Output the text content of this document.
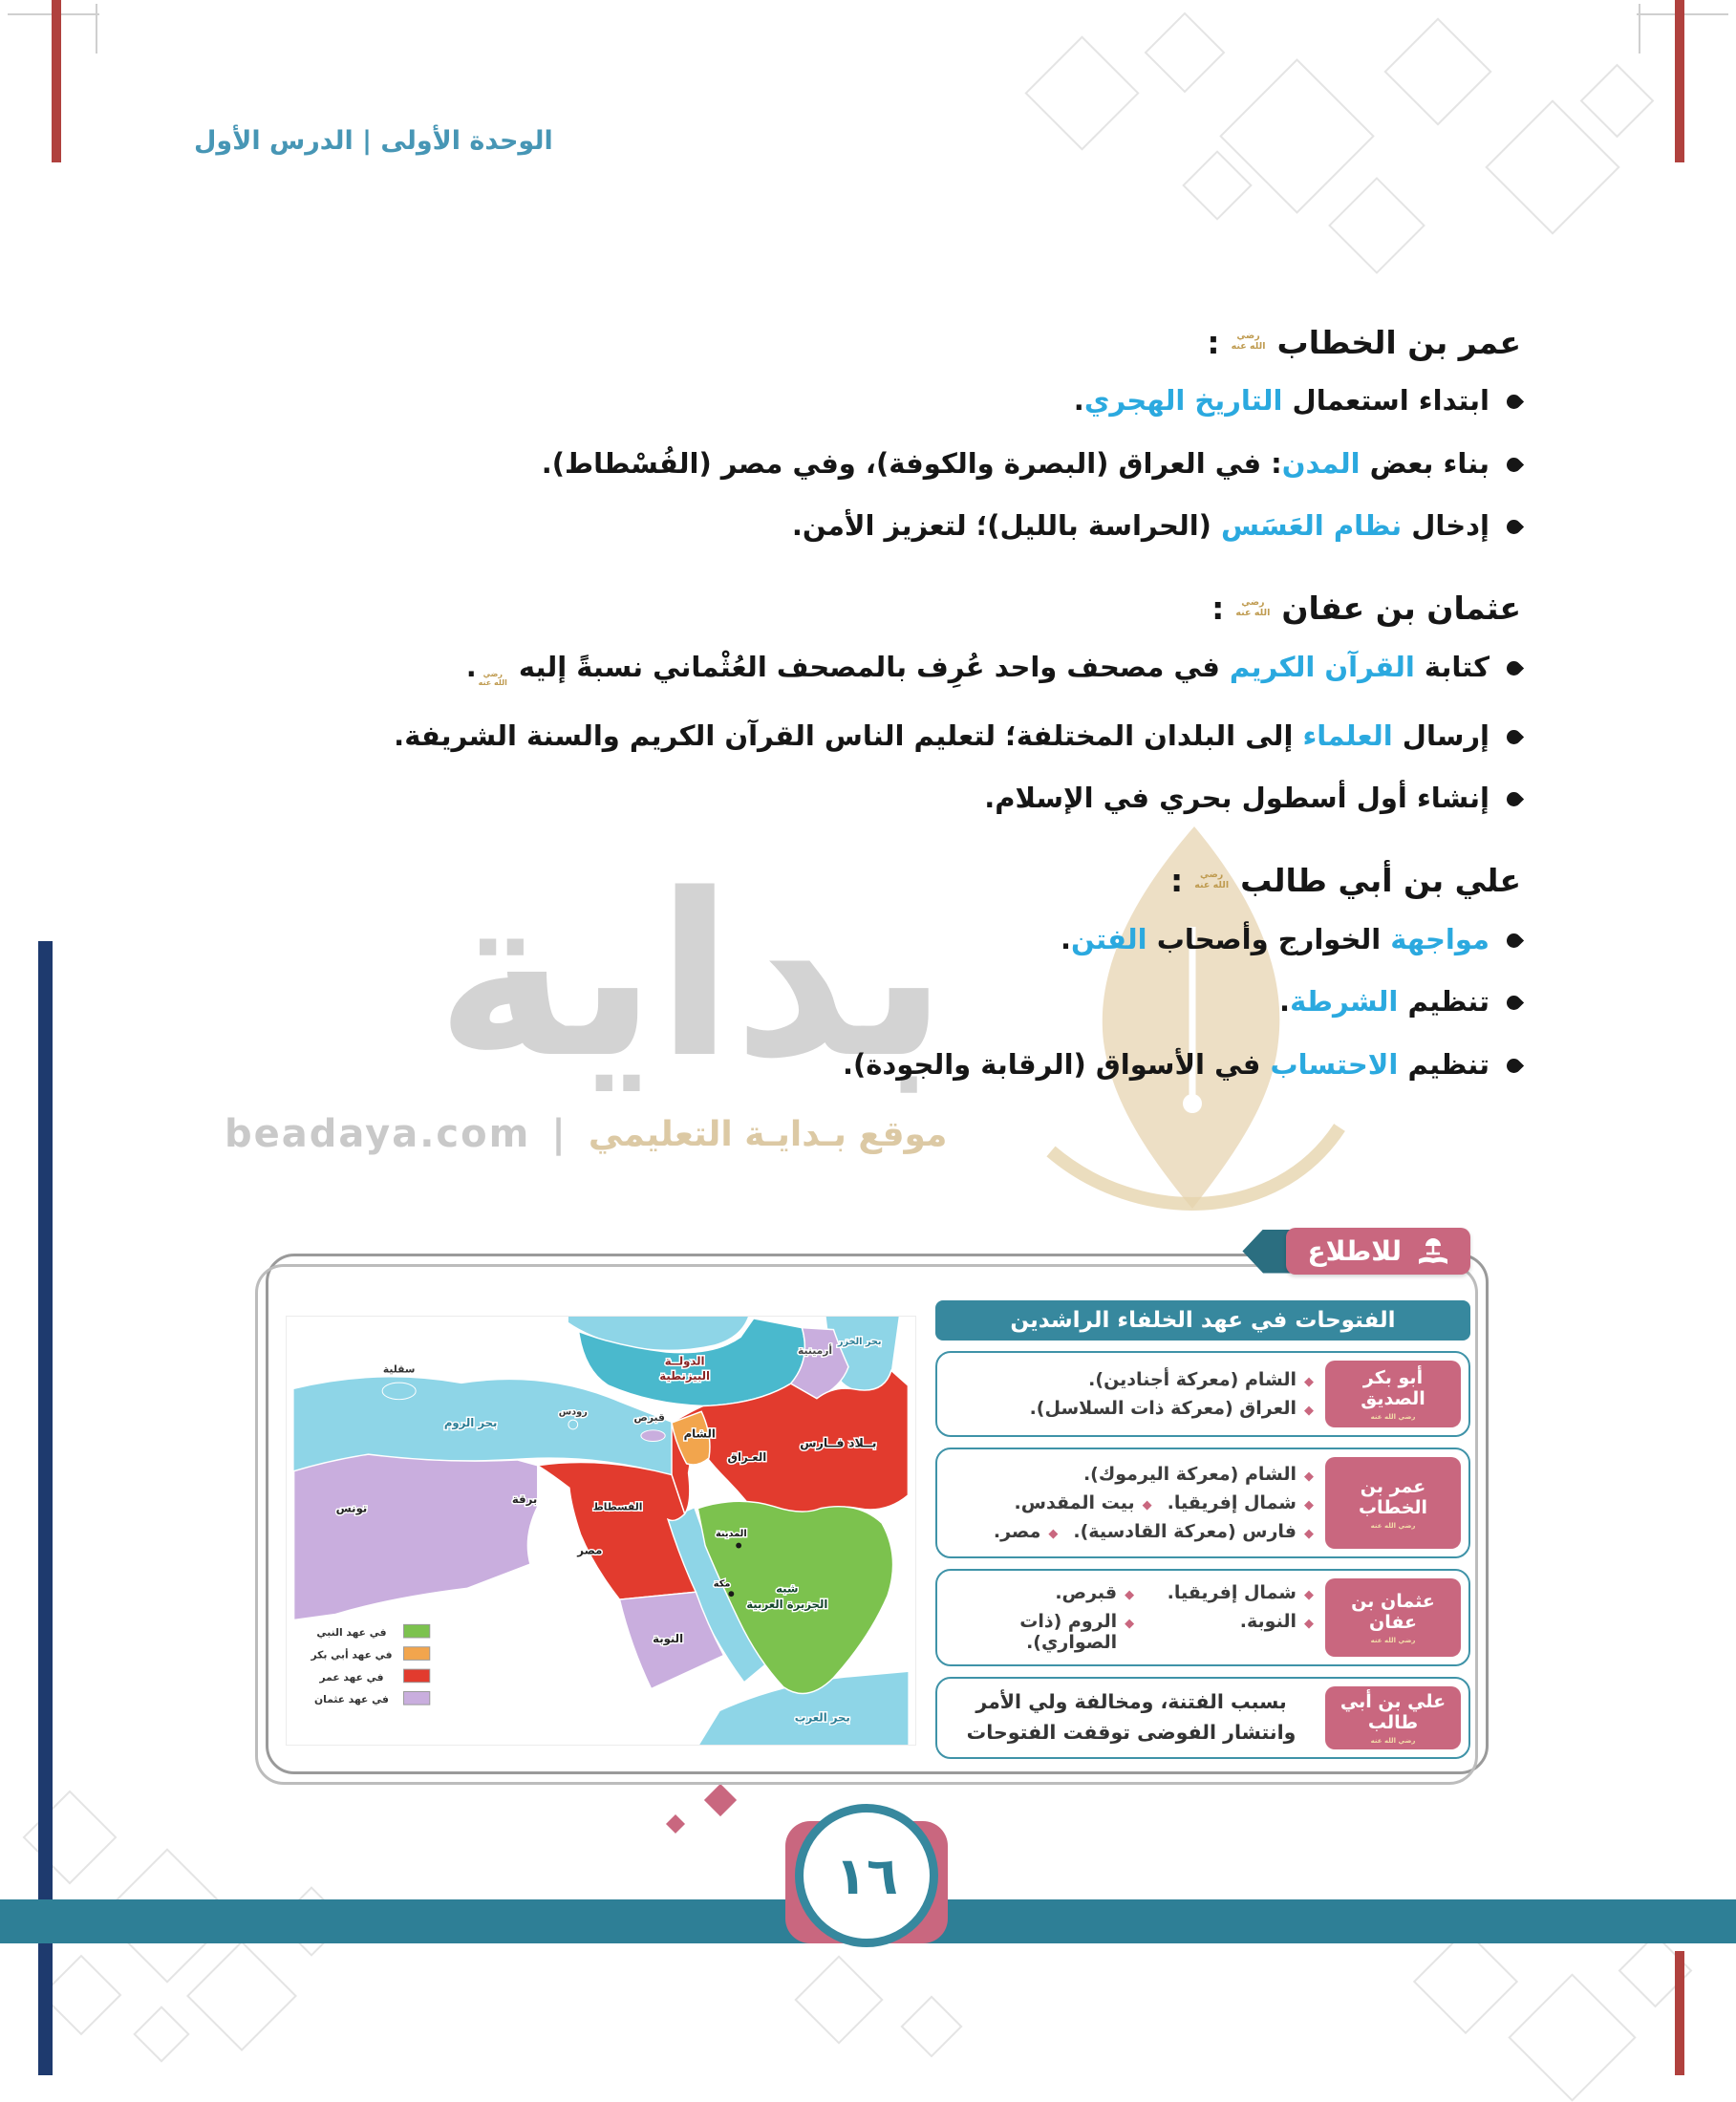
الوحدة الأولى | الدرس الأول
بداية
beadaya.com | موقع بـدايـة التعليمي
عمر بن الخطاب
رضي الله عنه
:

ابتداء استعمال التاريخ الهجري.

بناء بعض المدن: في العراق (البصرة والكوفة)، وفي مصر (الفُسْطاط).

إدخال نظام العَسَس (الحراسة بالليل)؛ لتعزيز الأمن.

عثمان بن عفان
رضي الله عنه
:

كتابة القرآن الكريم في مصحف واحد عُرِف بالمصحف العُثْماني نسبةً إليه رضي الله عنه.

إرسال العلماء إلى البلدان المختلفة؛ لتعليم الناس القرآن الكريم والسنة الشريفة.

إنشاء أول أسطول بحري في الإسلام.

علي بن أبي طالب
رضي الله عنه
:

مواجهة الخوارج وأصحاب الفتن.

تنظيم الشرطة.

تنظيم الاحتساب في الأسواق (الرقابة والجودة).

للاطلاع
سقلية
بحر الروم
الدولــة
البيزنطية
رودس	قبرص
أرمينية
بحر الخزر
الشام
العـراق
بــلاد فــارس
تونس
برقة
الفسطاط
مصر
النوبة
المدينة
مكة	شبه
الجزيرة العربية
بحر العرب
في عهد النبي
في عهد أبي بكر
في عهد عمر
في عهد عثمان
الفتوحات في عهد الخلفاء الراشدين
أبو بكر الصديق
رضي الله عنه
◆
الشام (معركة أجنادين).
◆
العراق (معركة ذات السلاسل).
عمر بن الخطاب
رضي الله عنه
◆
الشام (معركة اليرموك).
◆
شمال إفريقيا.
◆
بيت المقدس.
◆
فارس (معركة القادسية).
◆
مصر.
عثمان بن عفان
رضي الله عنه
◆
شمال إفريقيا.
◆
قبرص.
◆
النوبة.
◆
الروم (ذات الصواري).
علي بن أبي طالب
رضي الله عنه
بسبب الفتنة، ومخالفة ولي الأمر وانتشار الفوضى توقفت الفتوحات
١٦
